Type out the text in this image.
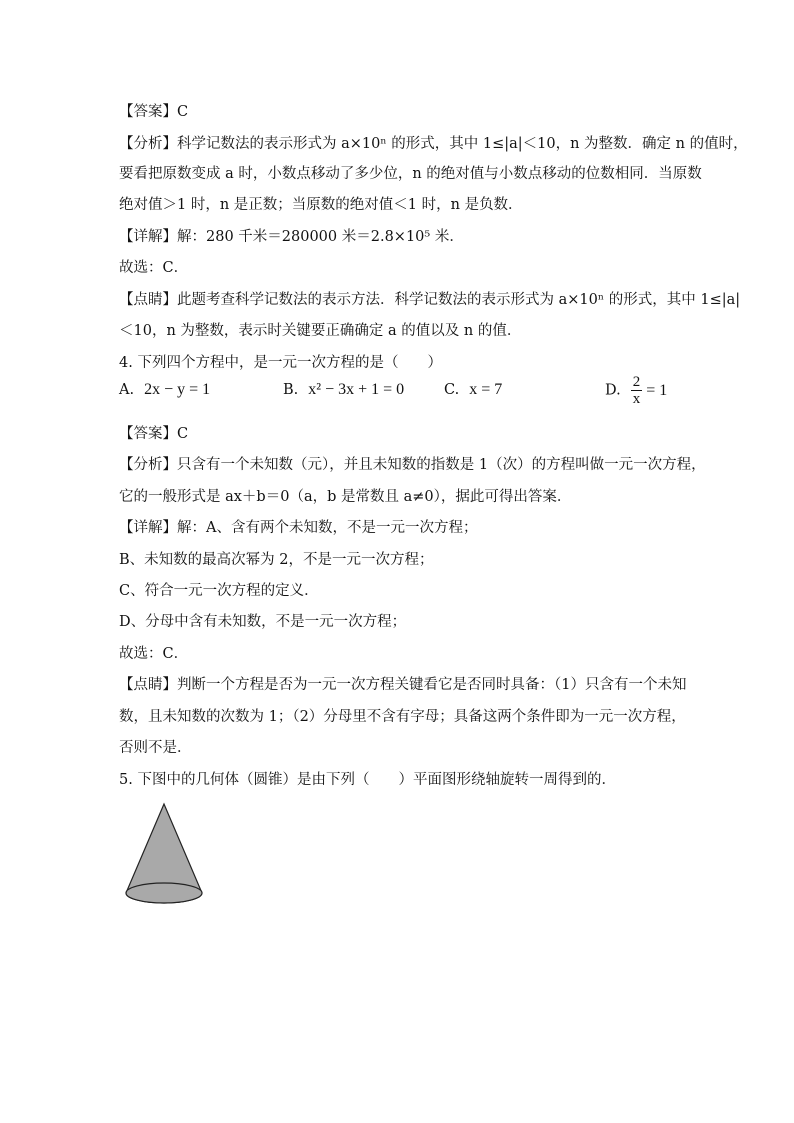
【答案】C
【分析】科学记数法的表示形式为 a×10ⁿ 的形式，其中 1≤|a|＜10，n 为整数．确定 n 的值时，
要看把原数变成 a 时，小数点移动了多少位，n 的绝对值与小数点移动的位数相同．当原数
绝对值＞1 时，n 是正数；当原数的绝对值＜1 时，n 是负数．
【详解】解：280 千米＝280000 米＝2.8×10⁵ 米．
故选：C．
【点睛】此题考查科学记数法的表示方法．科学记数法的表示形式为 a×10ⁿ 的形式，其中 1≤|a|
＜10，n 为整数，表示时关键要正确确定 a 的值以及 n 的值．
4. 下列四个方程中，是一元一次方程的是（　　）
A. 2x − y = 1	B. x² − 3x + 1 = 0	C. x = 7	D. $\frac{2}{x} = 1$
【答案】C
【分析】只含有一个未知数（元），并且未知数的指数是 1（次）的方程叫做一元一次方程，
它的一般形式是 ax＋b＝0（a，b 是常数且 a≠0），据此可得出答案．
【详解】解：A、含有两个未知数，不是一元一次方程；
B、未知数的最高次幂为 2，不是一元一次方程；
C、符合一元一次方程的定义．
D、分母中含有未知数，不是一元一次方程；
故选：C．
【点睛】判断一个方程是否为一元一次方程关键看它是否同时具备：（1）只含有一个未知
数，且未知数的次数为 1；（2）分母里不含有字母；具备这两个条件即为一元一次方程，
否则不是．
5. 下图中的几何体（圆锥）是由下列（　　）平面图形绕轴旋转一周得到的．
